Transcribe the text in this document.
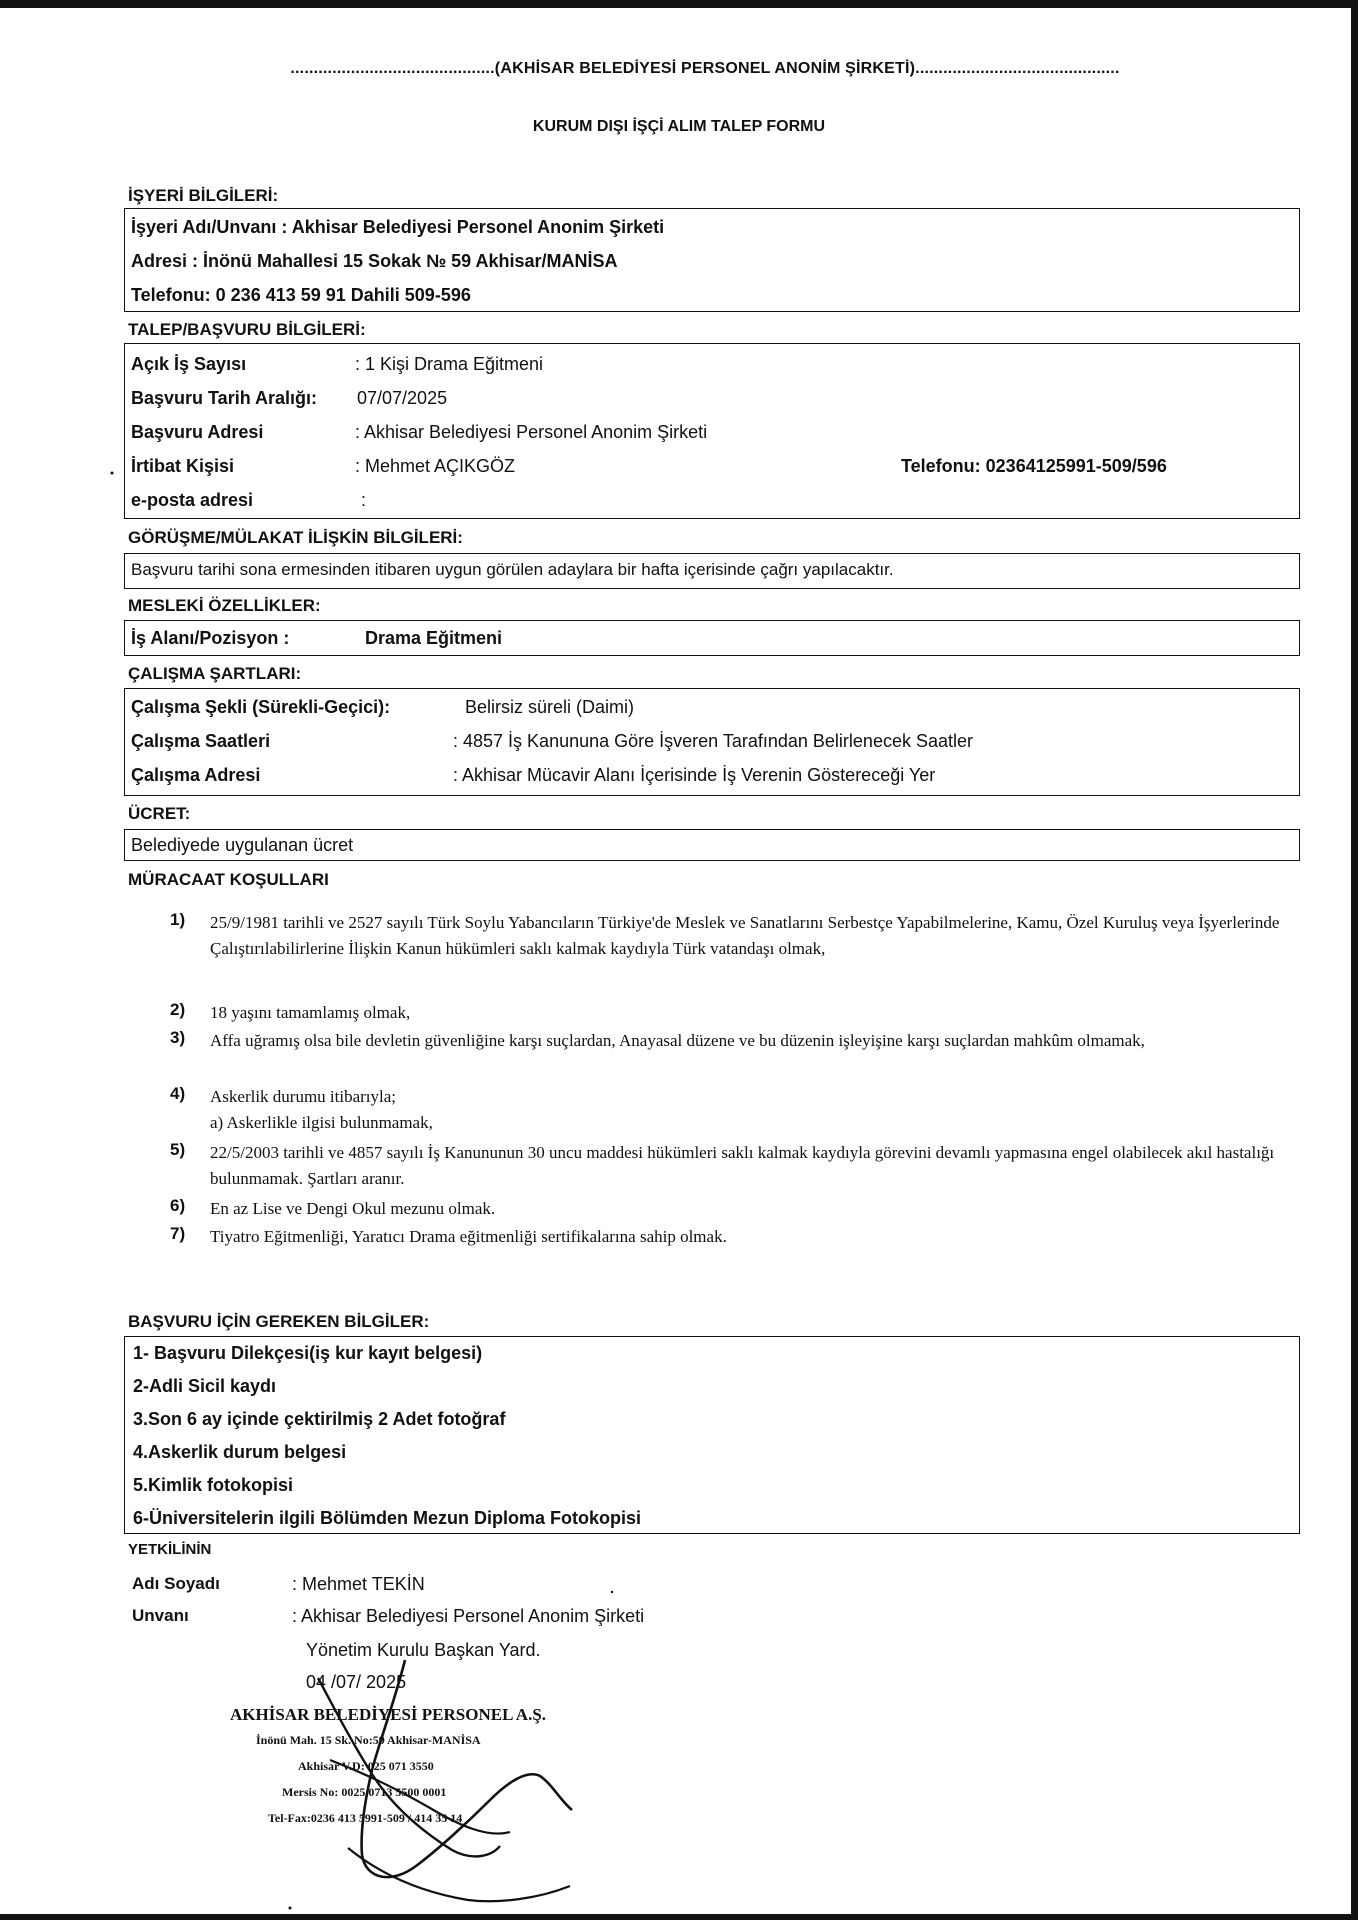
............................................(AKHİSAR BELEDİYESİ PERSONEL ANONİM ŞİRKETİ)............................................
KURUM DIŞI İŞÇİ ALIM TALEP FORMU
İŞYERİ BİLGİLERİ:
İşyeri Adı/Unvanı : Akhisar Belediyesi Personel Anonim Şirketi
Adresi : İnönü Mahallesi 15 Sokak № 59 Akhisar/MANİSA
Telefonu: 0 236 413 59 91 Dahili 509-596
TALEP/BAŞVURU BİLGİLERİ:
Açık İş Sayısı	: 1 Kişi Drama Eğitmeni
Başvuru Tarih Aralığı: 07/07/2025
Başvuru Adresi	: Akhisar Belediyesi Personel Anonim Şirketi
İrtibat Kişisi	: Mehmet AÇIKGÖZ	Telefonu: 02364125991-509/596
e-posta adresi	:
GÖRÜŞME/MÜLAKAT İLİŞKİN BİLGİLERİ:
Başvuru tarihi sona ermesinden itibaren uygun görülen adaylara bir hafta içerisinde çağrı yapılacaktır.
MESLEKİ ÖZELLİKLER:
İş Alanı/Pozisyon :	Drama Eğitmeni
ÇALIŞMA ŞARTLARI:
Çalışma Şekli (Sürekli-Geçici):	Belirsiz süreli (Daimi)
Çalışma Saatleri	: 4857 İş Kanununa Göre İşveren Tarafından Belirlenecek Saatler
Çalışma Adresi	: Akhisar Mücavir Alanı İçerisinde İş Verenin Göstereceği Yer
ÜCRET:
Belediyede uygulanan ücret
MÜRACAAT KOŞULLARI
1) 25/9/1981 tarihli ve 2527 sayılı Türk Soylu Yabancıların Türkiye'de Meslek ve Sanatlarını Serbestçe Yapabilmelerine, Kamu, Özel Kuruluş veya İşyerlerinde Çalıştırılabilirlerine İlişkin Kanun hükümleri saklı kalmak kaydıyla Türk vatandaşı olmak,
2) 18 yaşını tamamlamış olmak,
3) Affa uğramış olsa bile devletin güvenliğine karşı suçlardan, Anayasal düzene ve bu düzenin işleyişine karşı suçlardan mahkûm olmamak,
4) Askerlik durumu itibarıyla;
a) Askerlikle ilgisi bulunmamak,
5) 22/5/2003 tarihli ve 4857 sayılı İş Kanununun 30 uncu maddesi hükümleri saklı kalmak kaydıyla görevini devamlı yapmasına engel olabilecek akıl hastalığı bulunmamak. Şartları aranır.
6) En az Lise ve Dengi Okul mezunu olmak.
7) Tiyatro Eğitmenliği, Yaratıcı Drama eğitmenliği sertifikalarına sahip olmak.
BAŞVURU İÇİN GEREKEN BİLGİLER:
1- Başvuru Dilekçesi(iş kur kayıt belgesi)
2-Adli Sicil kaydı
3.Son 6 ay içinde çektirilmiş 2 Adet fotoğraf
4.Askerlik durum belgesi
5.Kimlik fotokopisi
6-Üniversitelerin ilgili Bölümden Mezun Diploma Fotokopisi
YETKİLİNİN
Adı Soyadı	: Mehmet TEKİN
Unvanı	: Akhisar Belediyesi Personel Anonim Şirketi
Yönetim Kurulu Başkan Yard.
04 /07/ 2025
AKHİSAR BELEDİYESİ PERSONEL A.Ş.
İnönü Mah. 15 Sk. No:59 Akhisar-MANİSA
Akhisar V.D: 025 071 3550
Mersis No: 0025 0713 5500 0001
Tel-Fax:0236 413 5991-509 / 414 35 14
